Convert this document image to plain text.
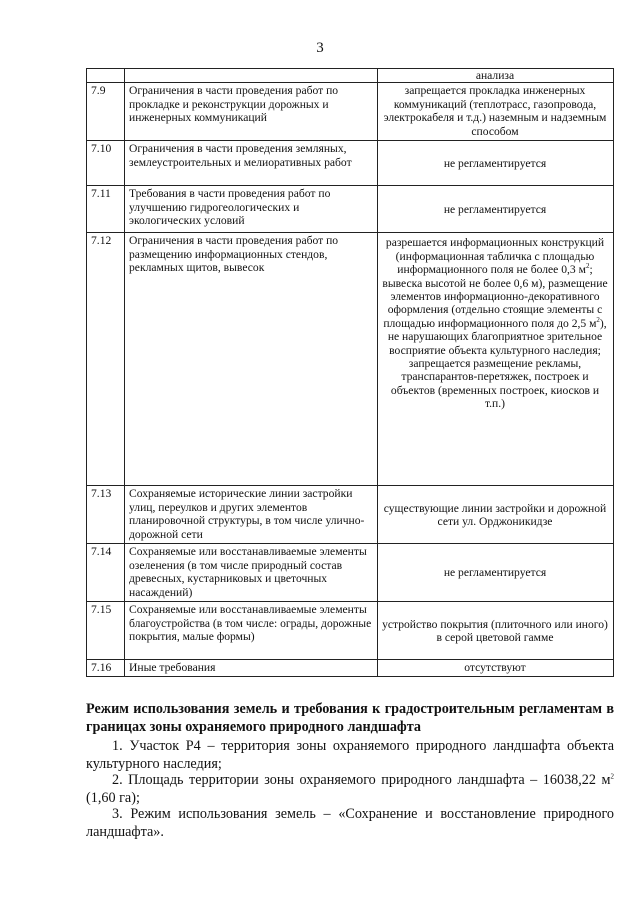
3
		анализа
7.9	Ограничения в части проведения работ по прокладке и реконструкции дорожных и инженерных коммуникаций	запрещается прокладка инженерных коммуникаций (теплотрасс, газопровода, электрокабеля и т.д.) наземным и надземным способом
7.10	Ограничения в части проведения земляных, землеустроительных и мелиоративных работ	не регламентируется
7.11	Требования в части проведения работ по улучшению гидрогеологических и экологических условий	не регламентируется
7.12	Ограничения в части проведения работ по размещению информационных стендов, рекламных щитов, вывесок	разрешается информационных конструкций (информационная табличка с площадью информационного поля не более 0,3 $м^2$; вывеска высотой не более 0,6 м), размещение элементов информационно-декоративного оформления (отдельно стоящие элементы с площадью информационного поля до 2,5 $м^2$), не нарушающих благоприятное зрительное восприятие объекта культурного наследия; запрещается размещение рекламы, транспарантов-перетяжек, построек и объектов (временных построек, киосков и т.п.)
7.13	Сохраняемые исторические линии застройки улиц, переулков и других элементов планировочной структуры, в том числе улично-дорожной сети	существующие линии застройки и дорожной сети ул. Орджоникидзе
7.14	Сохраняемые или восстанавливаемые элементы озеленения (в том числе природный состав древесных, кустарниковых и цветочных насаждений)	не регламентируется
7.15	Сохраняемые или восстанавливаемые элементы благоустройства (в том числе: ограды, дорожные покрытия, малые формы)	устройство покрытия (плиточного или иного) в серой цветовой гамме
7.16	Иные требования	отсутствуют
Режим использования земель и требования к градостроительным регламентам в границах зоны охраняемого природного ландшафта
1. Участок Р4 – территория зоны охраняемого природного ландшафта объекта культурного наследия;
2. Площадь территории зоны охраняемого природного ландшафта – 16038,22 $м^2$ (1,60 га);
3. Режим использования земель – «Сохранение и восстановление природного ландшафта».
